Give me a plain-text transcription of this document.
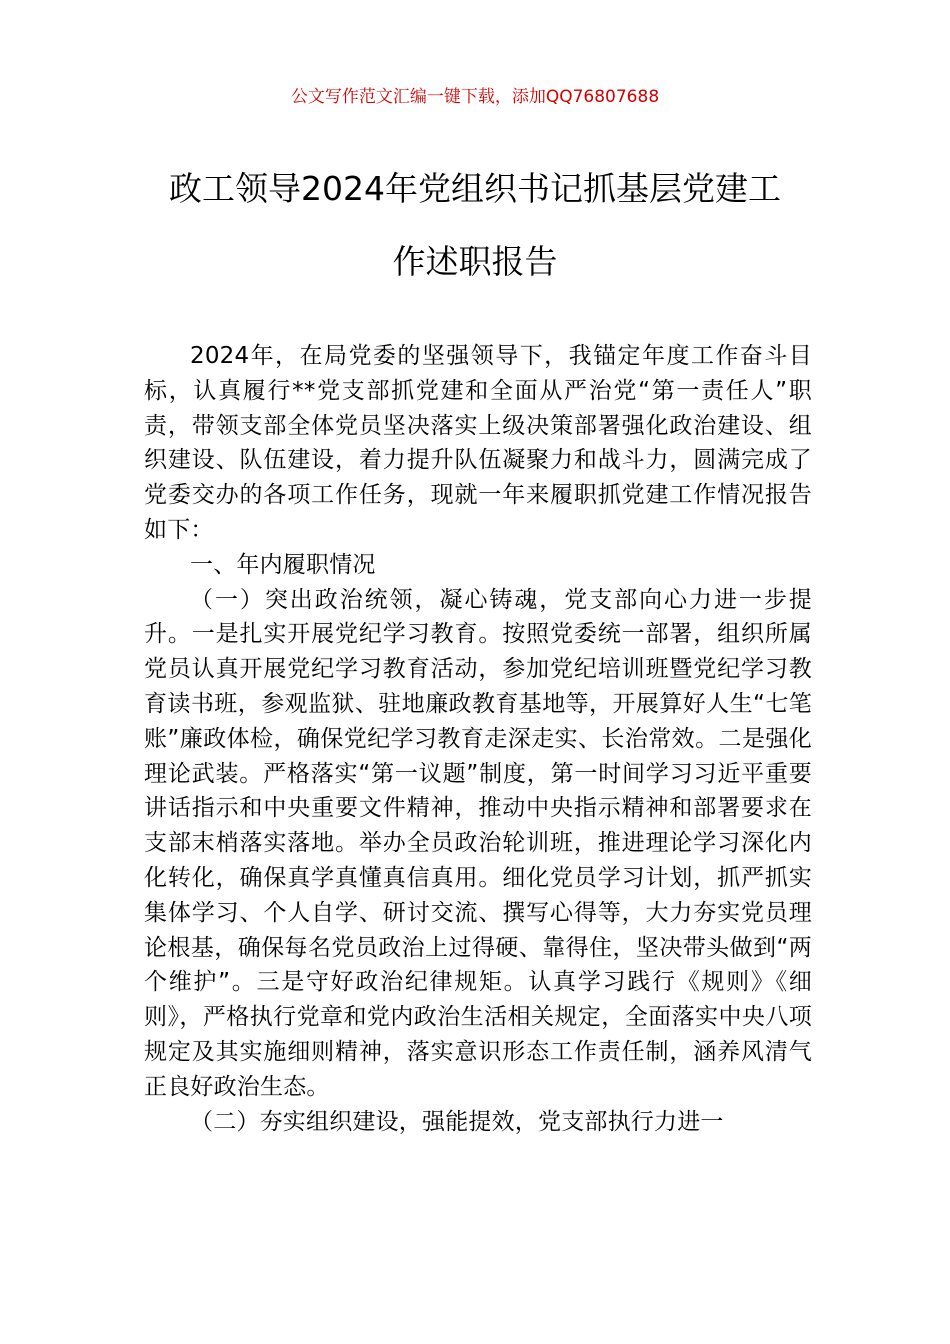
公文写作范文汇编一键下载，添加QQ76807688
政工领导2024年党组织书记抓基层党建工
作述职报告

2024年，在局党委的坚强领导下，我锚定年度工作奋斗目标，认真履行**党支部抓党建和全面从严治党“第一责任人”职责，带领支部全体党员坚决落实上级决策部署强化政治建设、组织建设、队伍建设，着力提升队伍凝聚力和战斗力，圆满完成了党委交办的各项工作任务，现就一年来履职抓党建工作情况报告如下：

一、年内履职情况

（一）突出政治统领，凝心铸魂，党支部向心力进一步提升。一是扎实开展党纪学习教育。按照党委统一部署，组织所属党员认真开展党纪学习教育活动，参加党纪培训班暨党纪学习教育读书班，参观监狱、驻地廉政教育基地等，开展算好人生“七笔账”廉政体检，确保党纪学习教育走深走实、长治常效。二是强化理论武装。严格落实“第一议题”制度，第一时间学习习近平重要讲话指示和中央重要文件精神，推动中央指示精神和部署要求在支部末梢落实落地。举办全员政治轮训班，推进理论学习深化内化转化，确保真学真懂真信真用。细化党员学习计划，抓严抓实集体学习、个人自学、研讨交流、撰写心得等，大力夯实党员理论根基，确保每名党员政治上过得硬、靠得住，坚决带头做到“两个维护”。三是守好政治纪律规矩。认真学习践行《规则》《细则》，严格执行党章和党内政治生活相关规定，全面落实中央八项规定及其实施细则精神，落实意识形态工作责任制，涵养风清气正良好政治生态。

（二）夯实组织建设，强能提效，党支部执行力进一
